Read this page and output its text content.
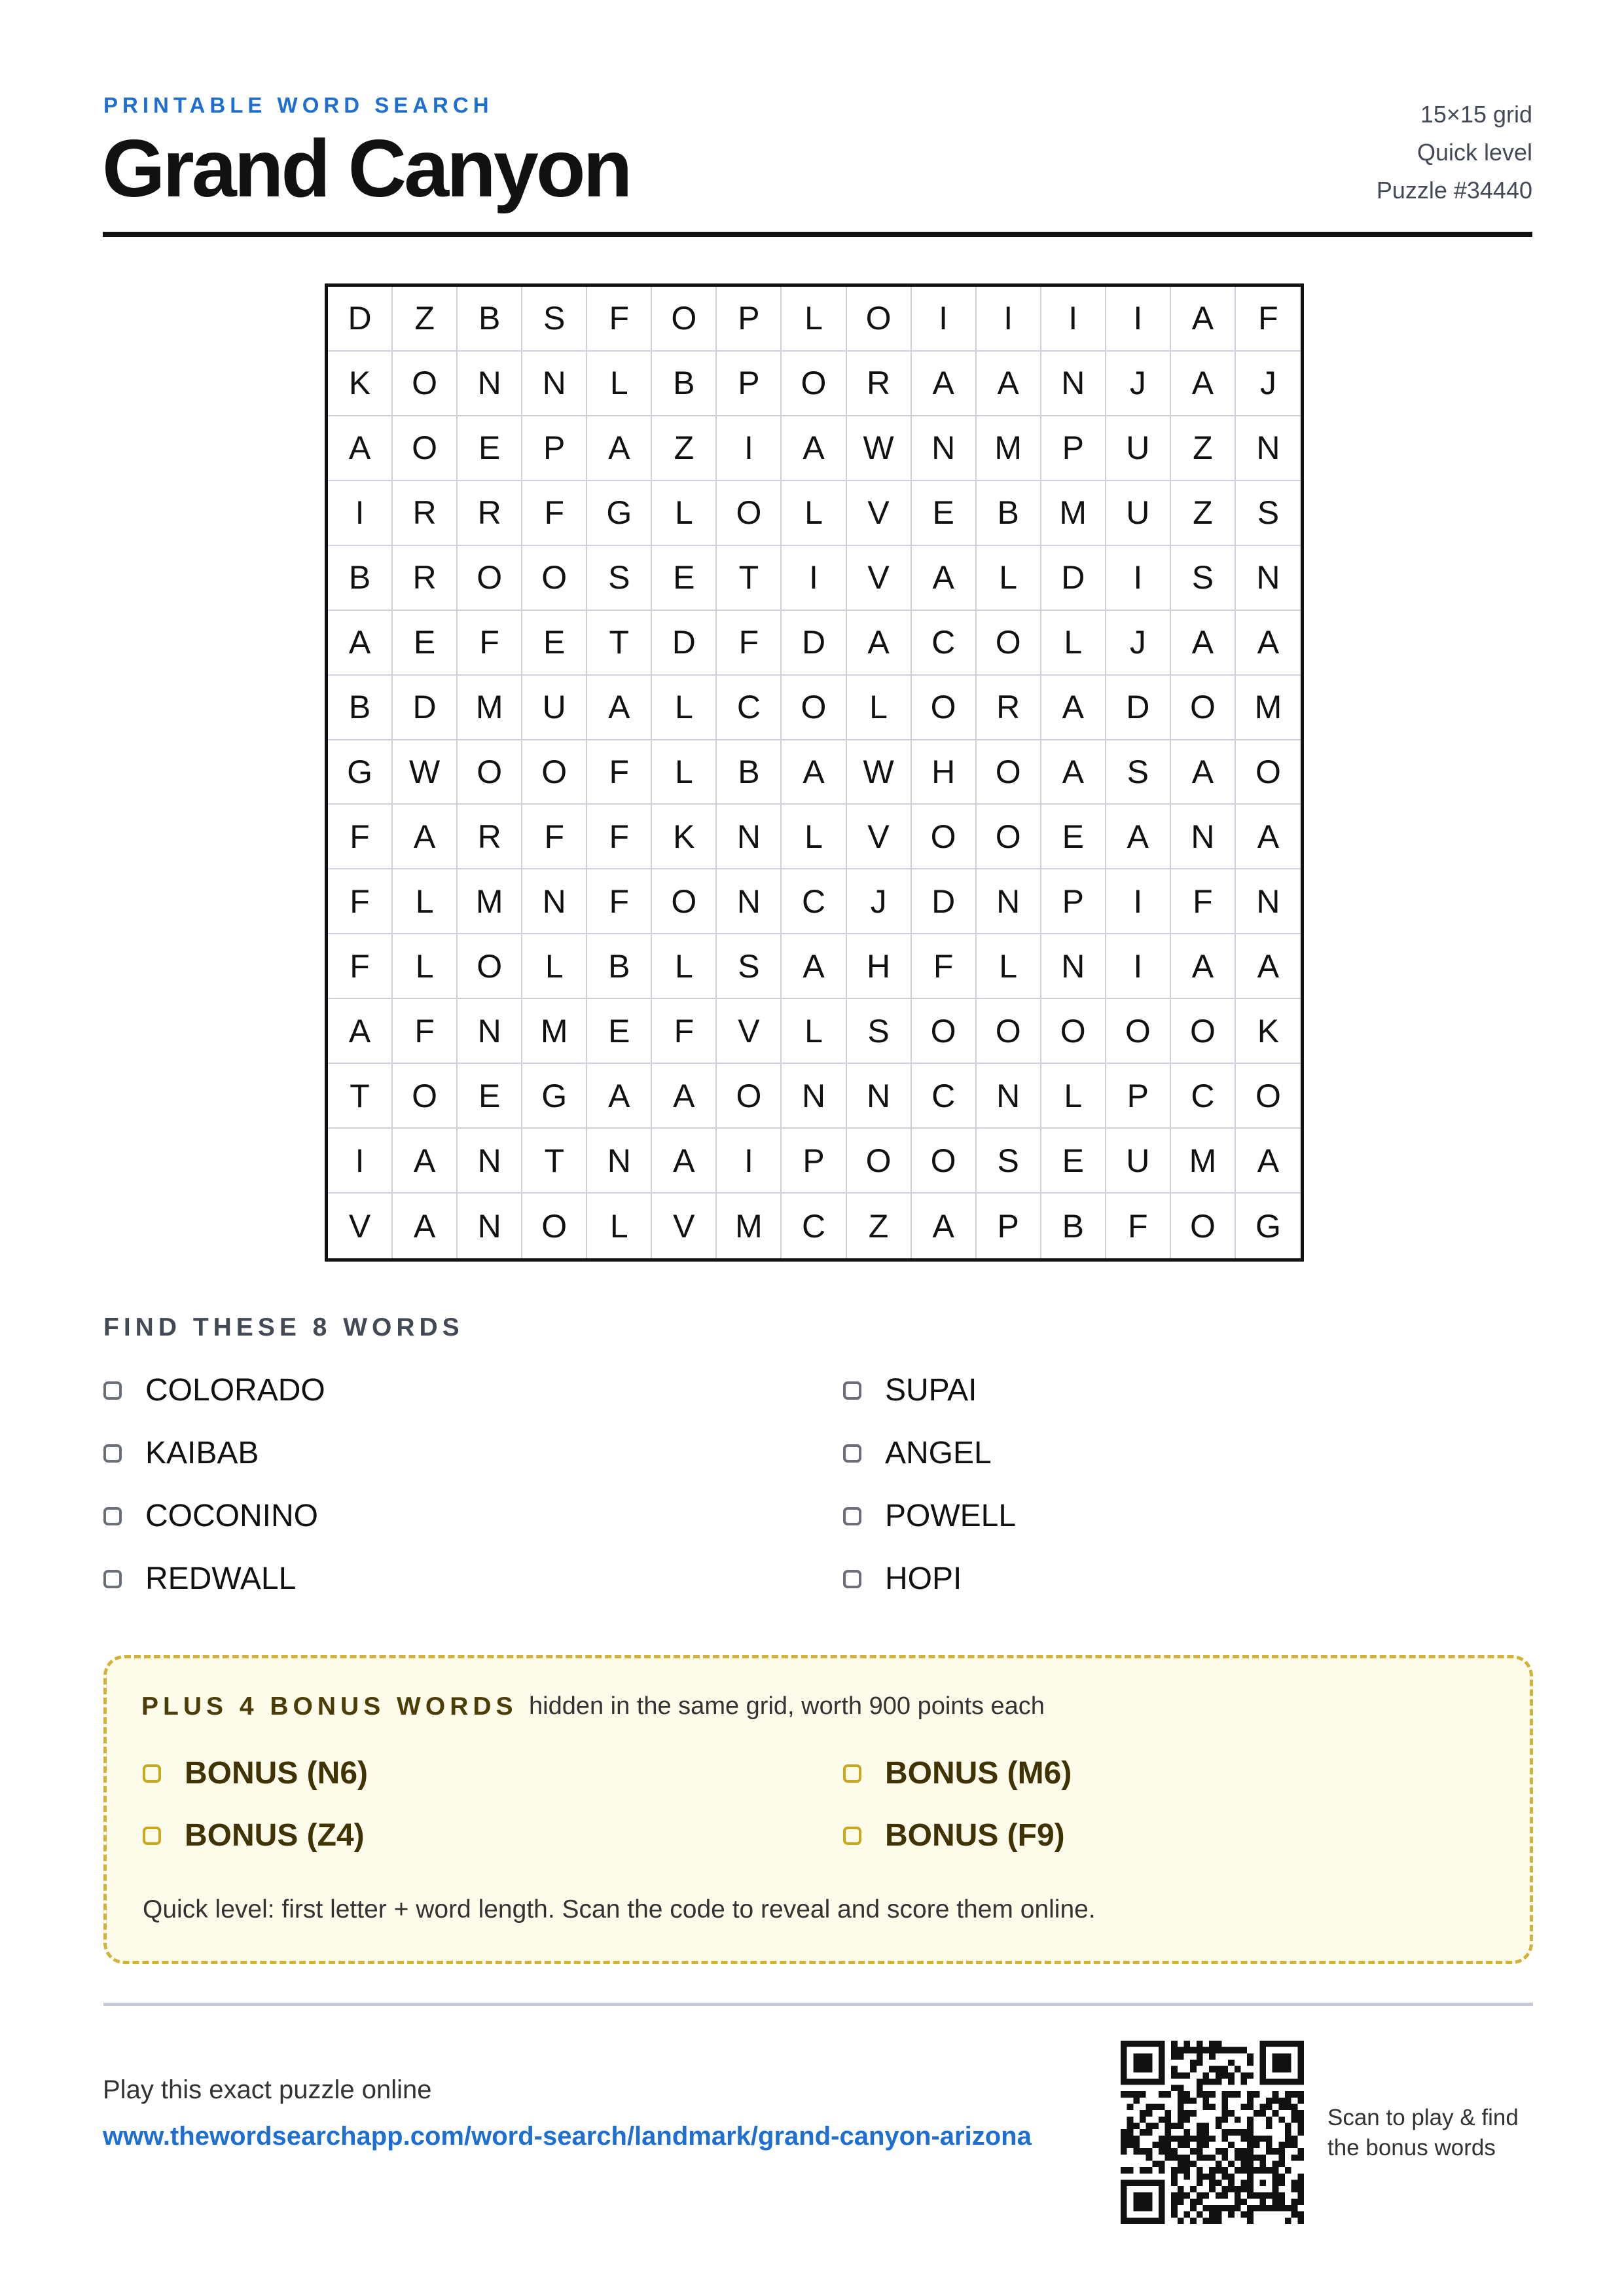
PRINTABLE WORD SEARCH
Grand Canyon
15×15 grid
Quick level
Puzzle #34440
D	Z	B	S	F	O	P	L	O	I	I	I	I	A	F
K	O	N	N	L	B	P	O	R	A	A	N	J	A	J
A	O	E	P	A	Z	I	A	W	N	M	P	U	Z	N
I	R	R	F	G	L	O	L	V	E	B	M	U	Z	S
B	R	O	O	S	E	T	I	V	A	L	D	I	S	N
A	E	F	E	T	D	F	D	A	C	O	L	J	A	A
B	D	M	U	A	L	C	O	L	O	R	A	D	O	M
G	W	O	O	F	L	B	A	W	H	O	A	S	A	O
F	A	R	F	F	K	N	L	V	O	O	E	A	N	A
F	L	M	N	F	O	N	C	J	D	N	P	I	F	N
F	L	O	L	B	L	S	A	H	F	L	N	I	A	A
A	F	N	M	E	F	V	L	S	O	O	O	O	O	K
T	O	E	G	A	A	O	N	N	C	N	L	P	C	O
I	A	N	T	N	A	I	P	O	O	S	E	U	M	A
V	A	N	O	L	V	M	C	Z	A	P	B	F	O	G
FIND THESE 8 WORDS
COLORADO
KAIBAB
COCONINO
REDWALL
SUPAI
ANGEL
POWELL
HOPI
PLUS 4 BONUS WORDS hidden in the same grid, worth 900 points each
BONUS (N6)
BONUS (Z4)
BONUS (M6)
BONUS (F9)
Quick level: first letter + word length. Scan the code to reveal and score them online.
Play this exact puzzle online
www.thewordsearchapp.com/word-search/landmark/grand-canyon-arizona
Scan to play & find the bonus words
